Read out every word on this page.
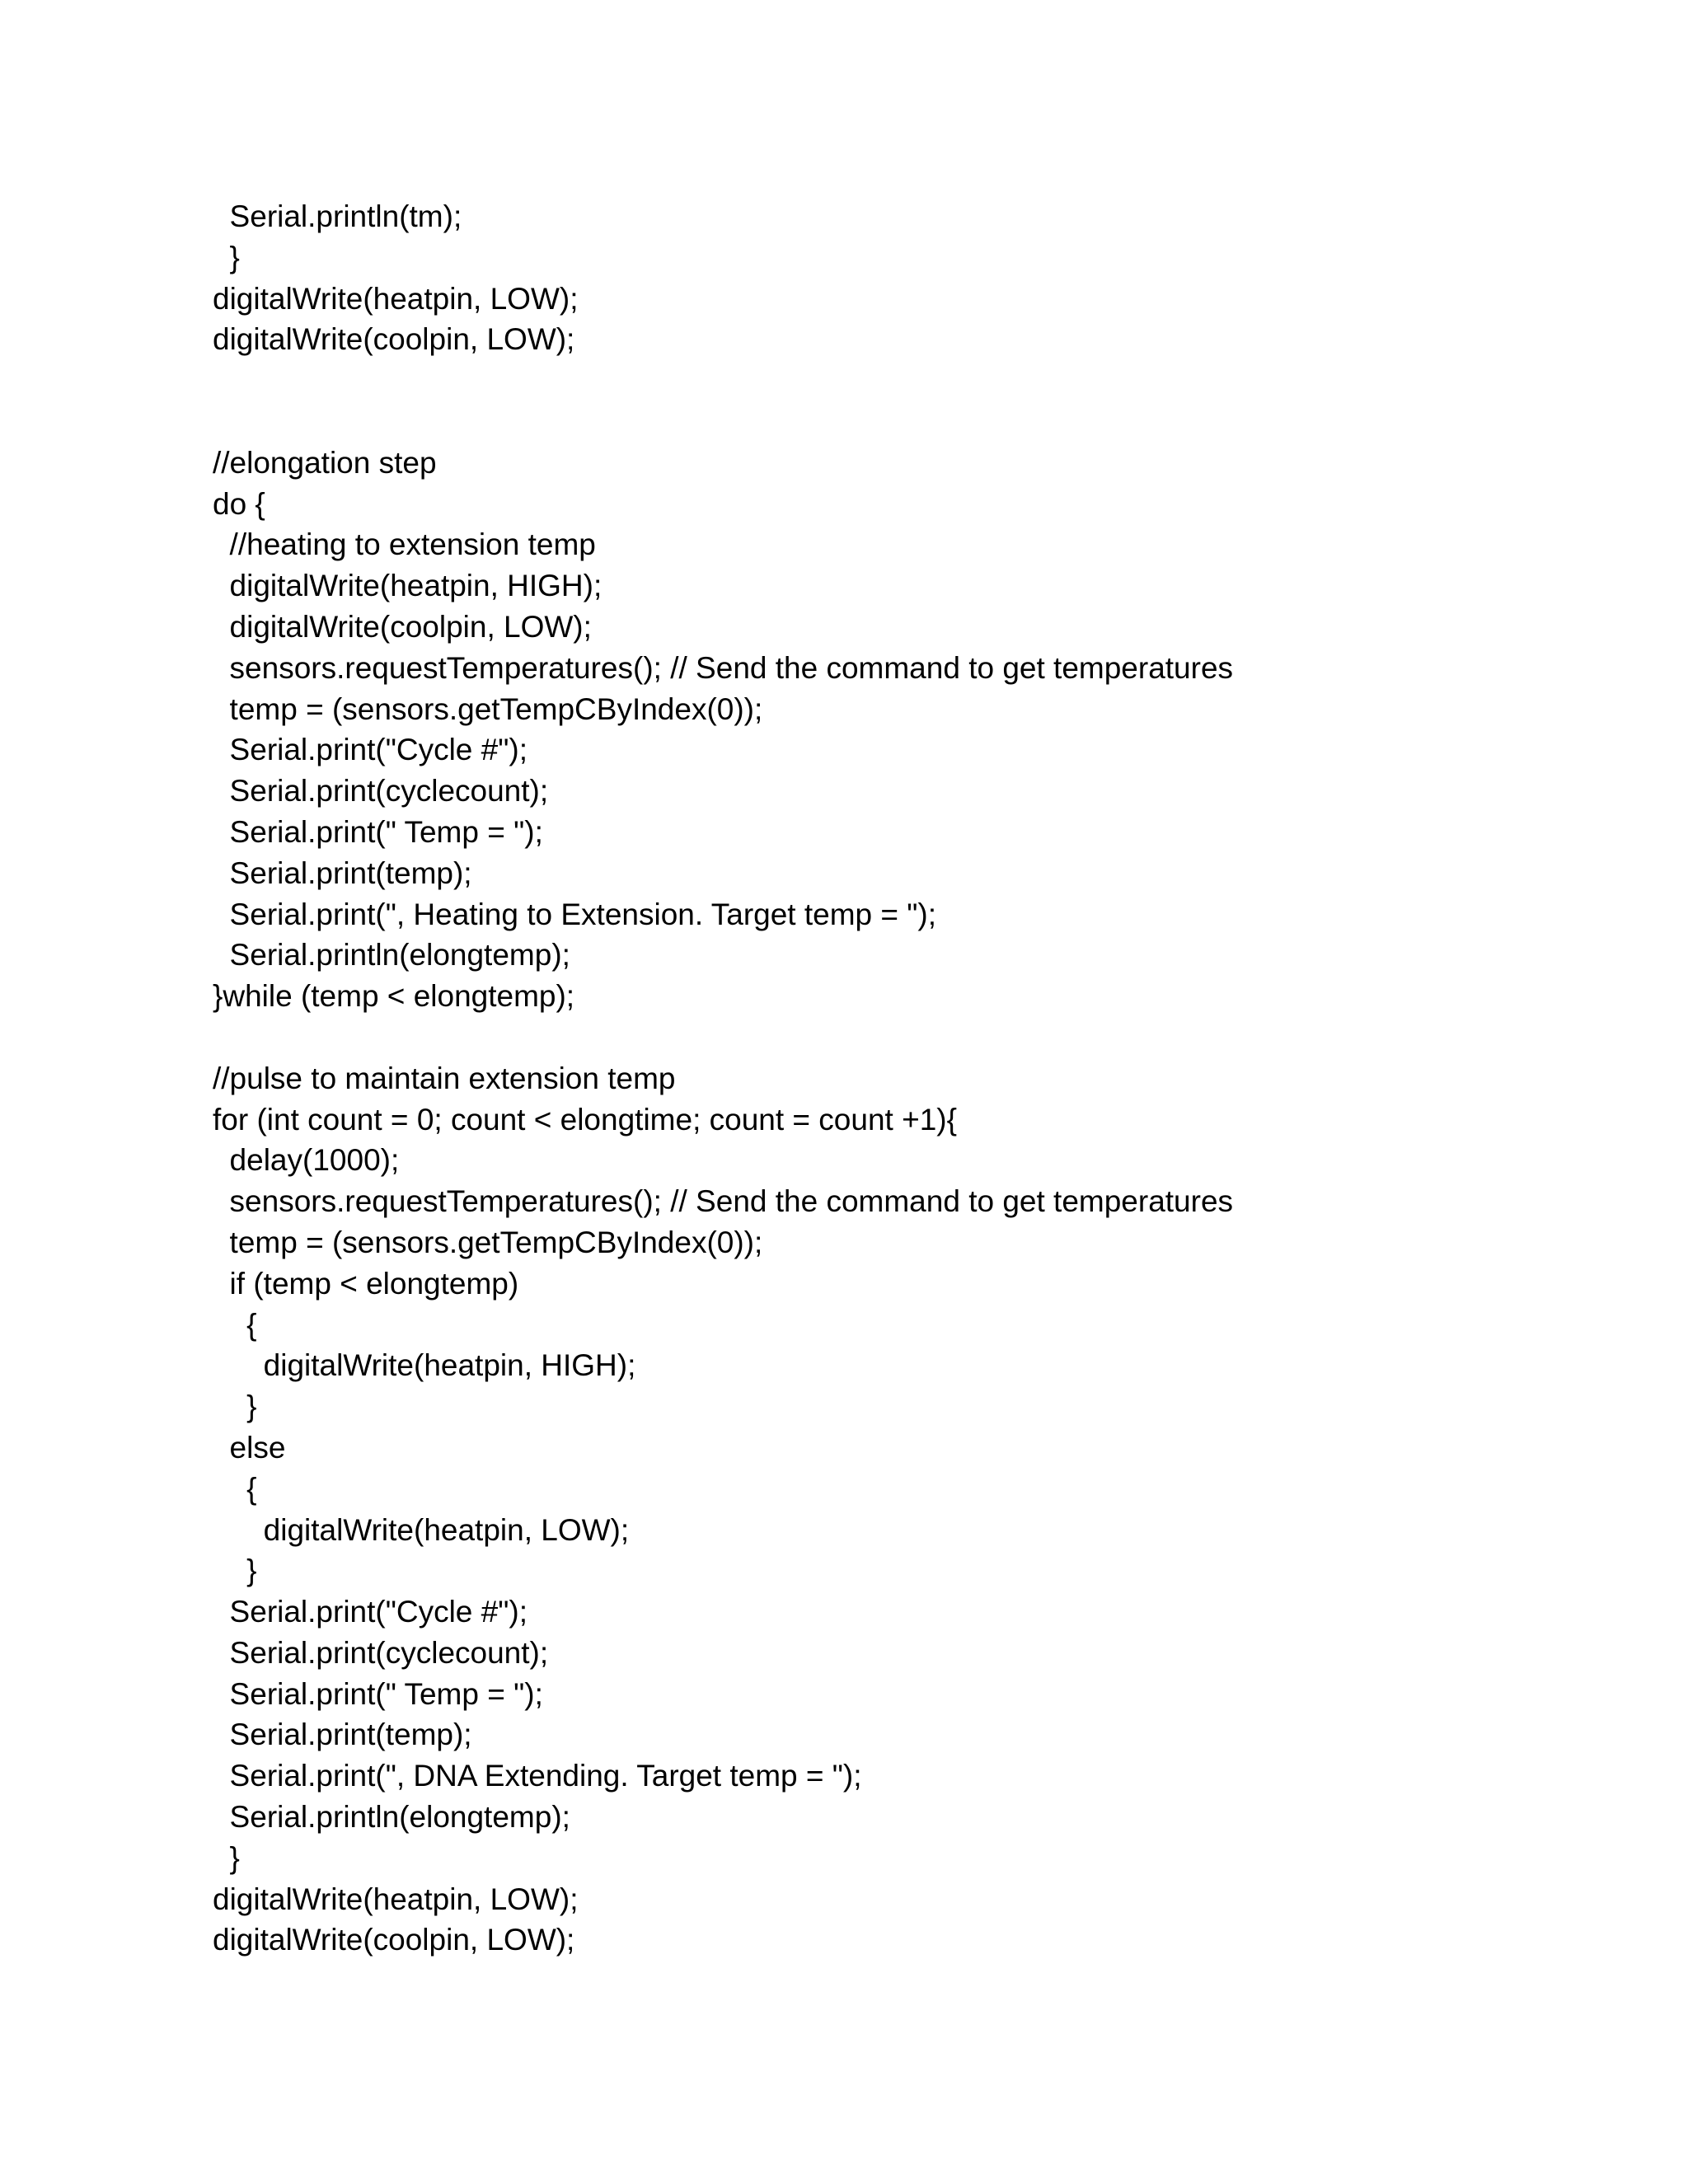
Serial.println(tm);
}
digitalWrite(heatpin, LOW);
digitalWrite(coolpin, LOW);
//elongation step
do {
//heating to extension temp
digitalWrite(heatpin, HIGH);
digitalWrite(coolpin, LOW);
sensors.requestTemperatures(); // Send the command to get temperatures
temp = (sensors.getTempCByIndex(0));
Serial.print("Cycle #");
Serial.print(cyclecount);
Serial.print(" Temp = ");
Serial.print(temp);
Serial.print(", Heating to Extension. Target temp = ");
Serial.println(elongtemp);
}while (temp < elongtemp);
//pulse to maintain extension temp
for (int count = 0; count < elongtime; count = count +1){
delay(1000);
sensors.requestTemperatures(); // Send the command to get temperatures
temp = (sensors.getTempCByIndex(0));
if (temp < elongtemp)
{
digitalWrite(heatpin, HIGH);
}
else
{
digitalWrite(heatpin, LOW);
}
Serial.print("Cycle #");
Serial.print(cyclecount);
Serial.print(" Temp = ");
Serial.print(temp);
Serial.print(", DNA Extending. Target temp = ");
Serial.println(elongtemp);
}
digitalWrite(heatpin, LOW);
digitalWrite(coolpin, LOW);
